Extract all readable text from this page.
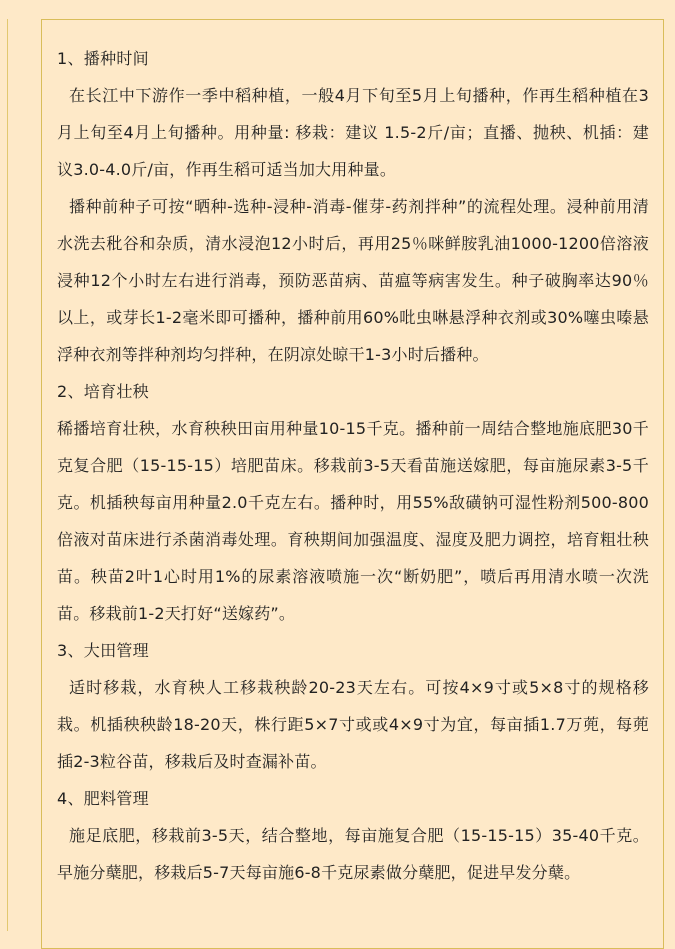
1、播种时间

在长江中下游作一季中稻种植，一般4月下旬至5月上旬播种，作再生稻种植在3月上旬至4月上旬播种。用种量: 移栽：建议 1.5-2斤/亩；直播、抛秧、机插：建议3.0-4.0斤/亩，作再生稻可适当加大用种量。

播种前种子可按“晒种-选种-浸种-消毒-催芽-药剂拌种”的流程处理。浸种前用清水洗去秕谷和杂质，清水浸泡12小时后，再用25％咪鲜胺乳油1000-1200倍溶液浸种12个小时左右进行消毒，预防恶苗病、苗瘟等病害发生。种子破胸率达90％以上，或芽长1-2毫米即可播种，播种前用60%吡虫啉悬浮种衣剂或30%噻虫嗪悬浮种衣剂等拌种剂均匀拌种，在阴凉处晾干1-3小时后播种。

2、培育壮秧

稀播培育壮秧，水育秧秧田亩用种量10-15千克。播种前一周结合整地施底肥30千克复合肥（15-15-15）培肥苗床。移栽前3-5天看苗施送嫁肥，每亩施尿素3-5千克。机插秧每亩用种量2.0千克左右。播种时，用55%敌磺钠可湿性粉剂500-800倍液对苗床进行杀菌消毒处理。育秧期间加强温度、湿度及肥力调控，培育粗壮秧苗。秧苗2叶1心时用1%的尿素溶液喷施一次“断奶肥”，喷后再用清水喷一次洗苗。移栽前1-2天打好“送嫁药”。

3、大田管理

适时移栽，水育秧人工移栽秧龄20-23天左右。可按4×9寸或5×8寸的规格移栽。机插秧秧龄18-20天，株行距5×7寸或或4×9寸为宜，每亩插1.7万蔸，每蔸插2-3粒谷苗，移栽后及时查漏补苗。

4、肥料管理

施足底肥，移栽前3-5天，结合整地，每亩施复合肥（15-15-15）35-40千克。早施分蘖肥，移栽后5-7天每亩施6-8千克尿素做分蘖肥，促进早发分蘖。
